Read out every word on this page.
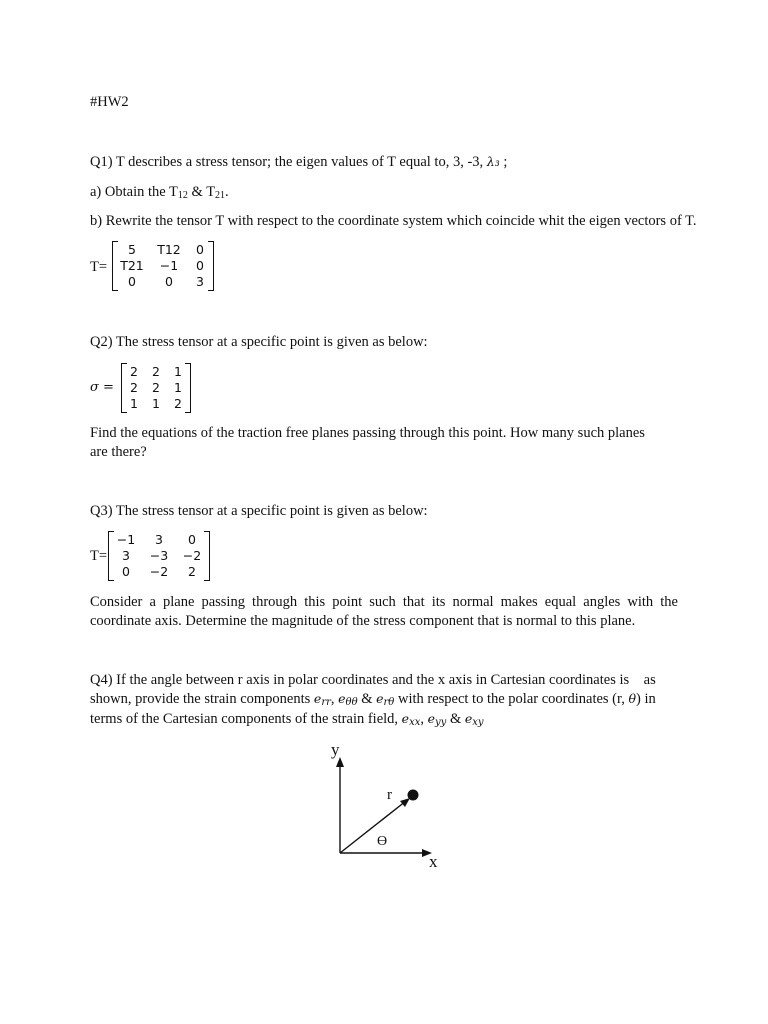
#HW2
Q1) T describes a stress tensor; the eigen values of T equal to, 3, -3, λ₃ ;
a) Obtain the $T_{12}$ & $T_{21}$.
b) Rewrite the tensor T with respect to the coordinate system which coincide whit the eigen vectors of T.
T=
5	T12	0
T21	−1	0
0	0	3
Q2) The stress tensor at a specific point is given as below:
σ =
2	2	1
2	2	1
1	1	2
Find the equations of the traction free planes passing through this point. How many such planes
are there?
Q3) The stress tensor at a specific point is given as below:
T=
−1	3	0
3	−3	−2
0	−2	2
Consider a plane passing through this point such that its normal makes equal angles with the
coordinate axis. Determine the magnitude of the stress component that is normal to this plane.
Q4) If the angle between r axis in polar coordinates and the x axis in Cartesian coordinates is    as
shown, provide the strain components $e_{rr}$, $e_{\theta\theta}$ & $e_{r\theta}$ with respect to the polar coordinates (r, θ) in
terms of the Cartesian components of the strain field, $e_{xx}$, $e_{yy}$ & $e_{xy}$
y
x
r
ϴ
